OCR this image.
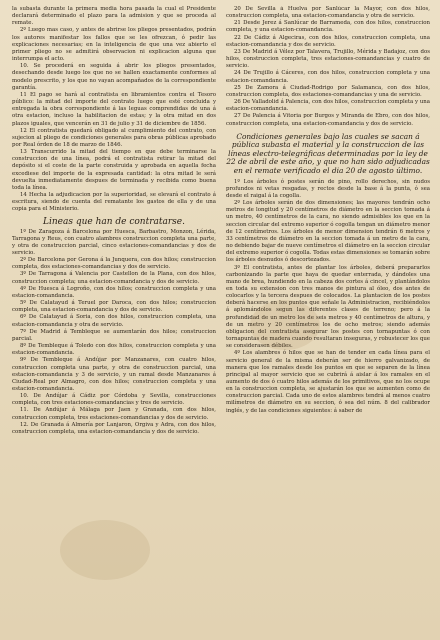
la subasta durante la primera media hora pasada la cual el Presidente declarará determinado el plazo para la admision y que se proceda al remate.

2º Luego mas caso, y antes de abrirse los pliegos presentados, podrán los autores manifestar los fallos que se les ofrezcan, ó pedir las explicaciones necesarias; en la inteligencia de que una vez abierto el primer pliego no se admitirá observacion ni explicacion alguna que interrumpa el acto.

10. Se procederá en seguida á abrir los pliegos presentados, desechando desde luego los que no se hallen exactamente conformes al modelo prescrito, y los que no vayan acompañados de la correspondiente garantía.

11 El pago se hará al contratista en libramientos contra el Tesoro público: la mitad del importe del contrato luego que esté concluida y entregada la obra correspondiente á las leguas comprendidas de una á otra estacion, incluso la habilitacion de estas; y la otra mitad en dos plazos iguales, que vencerán en 31 de julio y 31 de diciembre de 1856.

12 El contratista quedará obligado al cumplimiento del contrato, con sujecion al pliego de condiciones generales para obras públicas aprobado por Real órden de 18 de marzo de 1846.

13 Transcurrido la mitad del tiempo en que debe terminarse la construccion de una línea, podrá el contratista retirar la mitad del depósito si el coste de la parte construida y aprobada en aquella fecha excediese del importe de la expresada cantidad: la otra mitad le será devuelta inmediatamente despues de terminada y recibida como buena toda la línea.

14 Hecha la adjudicacion por la superioridad, se elevará el contrato á escritura, siendo de cuenta del rematante los gastos de ella y de una copia para el Ministerio.

Lineas que han de contratarse.

1º De Zaragoza á Barcelona por Huesca, Barbastro, Monzon, Lérida, Tarragona y Reus, con cuatro alambres construccion completa una parte, y otra de construccion parcial, cinco estaciones-comandancias y dos de servicio.

2º De Barcelona por Gerona á la Junquera, con dos hilos; construccion completa, dos estaciones-comandancias y dos de servicio.

3º De Tarragona á Valencia por Castellon de la Plana, con dos hilos, construccion completa; una estacion-comandancia y dos de servicio.

4º De Huesca á Logroño, con dos hilos; construccion completa y una estacion-comandancia.

5º De Calatayud á Teruel por Daroca, con dos hilos; construccion completa, una estacion-comandancia y dos de servicio.

6º De Calatayud á Soria, con dos hilos, construccion completa, una estacion-comandancia y otra de servicio.

7º De Madrid á Tembleque se aumentarán dos hilos; construccion parcial.

8º De Tembleque á Toledo con dos hilos, construccion completa y una estacion-comandancia.

9º De Tembleque á Andújar por Manzanares, con cuatro hilos, construccion completa una parte, y otra de construccion parcial, una estacion-comandancia y 3 de servicio, y un ramal desde Manzanares á Ciudad-Real por Almagro, con dos hilos; construccion completa y una estacion-comandancia.

10. De Andújar á Cádiz por Córdoba y Sevilla, construcciones completa, con tres estaciones-comandancias y tres de servicio.

11. De Andújar á Málaga por Jaen y Granada, con dos hilos, construccion completa, tres estaciones-comandancias y dos de servicio.

12. De Granada á Almería por Lanjaron, Orgiva y Adra, con dos hilos, construccion completa, una estacion-comandancia y dos de servicio.

20 De Sevilla á Huelva por Sanlúcar la Mayor, con dos hilos, construccion completa, una estacion-comandancia y otra de servicio.

21 Desde Jerez á Sanlúcar de Barrameda, con dos hilos, construccion completa, y una estacion-comandancia.

22 De Cádiz á Algeciras, con dos hilos, construccion completa, una estacion-comandancia y dos de servicio.

23 De Madrid á Vélez por Talavera, Trujillo, Mérida y Badajoz, con dos hilos, construccion completa, tres estaciones-comandancias y cuatro de servicio.

24 De Trujillo á Cáceres, con dos hilos, construccion completa y una estacion-comandancia.

25 De Zamora á Ciudad-Rodrigo por Salamanca, con dos hilos, construccion completa, dos estaciones-comandancias y una de servicio.

26 De Valladolid á Palencia, con dos hilos, construccion completa y una estacion-comandancia.

27 De Palencia á Vitoria por Burgos y Miranda de Ebro, con dos hilos, construccion completa, una estacion-comandancia y dos de servicio.

Condiciones generales bajo las cuales se sacan á pública subasta el material y la construccion de las líneas electro-telegráficas determinadas por la ley de 22 de abril de este año, y que no han sido adjudicadas en el remate verificado el dia 20 de agosto último.

1º Los árboles ó postes serán de pino, rollo derechos, sin nudos profundos ni vetas resgadas, y rectos desde la base á la punta, ó sea desde el raigal á la cogolla.

2º Los árboles serán de dos dimensiones; las mayores tendrán ocho metros de longitud y 20 centímetros de diámetro en la seccion tomada á un metro, 40 centímetros de la cara, no siendo admisibles los que en la seccion circular del extremo superior ó cogolla tengan un diámetro menor de 12 centímetros. Los árboles de menor dimension tendrán 6 metros y 33 centímetros de diámetro en la seccion tomada á un metro de la cara, no debiendo bajar de nueve centímetros el diámetro en la seccion circular del extremo superior ó cogolla. Todas estas dimensiones se tomarán sobre los árboles desnudos ó descortezados.

3º El contratista, antes de plantar los árboles, deberá prepararlos carbonizando la parte que haya de quedar enterrada, y dándoles una mano de brea, hundiendo en la cabeza dos cortes á cincel, y plantándolos en toda su extension con tres manos de pintura al óleo, dos antes de colocarlos y la tercera despues de colocados. La plantacion de los postes deberá hacerse en los puntos que señale la Administracion, recibiéndolos á aplomándolos segun las diferentes clases de terreno; pero á la profundidad de un metro los de seis metros y 40 centímetros de altura, y de un metro y 20 centímetros los de ocho metros; siendo además obligacion del contratista asegurar los postes con tornapuntas ó con tornapuntas de madera cuando resultaran inseguras, y robustecer los que se considerasen débiles.

4º Los alambres ó hilos que se han de tender en cada línea para el servicio general de la misma deberán ser de hierro galvanizado, de manera que los ramales desde los puntos en que se separen de la línea principal al mayor servicio que se cubrirá á aislar á los ramales en el aumento de dos ó cuatro hilos además de los primitivos, que no los ocupe en la construccion completa, se ajustarán los que se aumenten como de construccion parcial. Cada uno de estos alambres tendrá al menos cuatro milímetros de diámetro en su seccion, ó sea del núm. 8 del calibrador inglés, y de las condiciones siguientes: á saber de
